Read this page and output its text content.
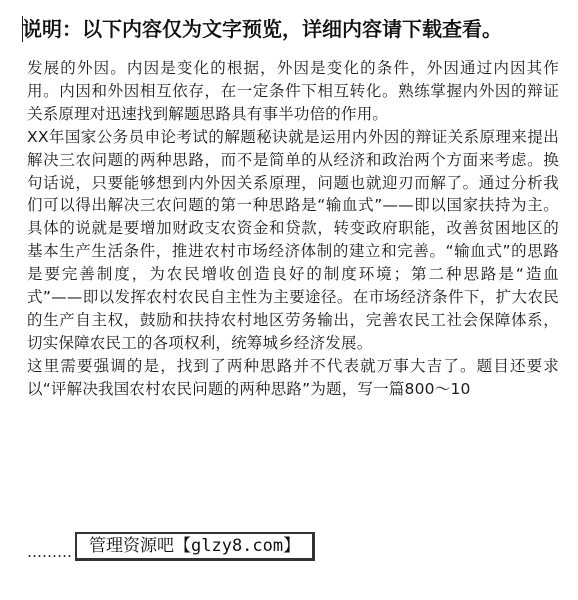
说明：以下内容仅为文字预览，详细内容请下载查看。

发展的外因。内因是变化的根据，外因是变化的条件，外因通过内因其作用。内因和外因相互依存，在一定条件下相互转化。熟练掌握内外因的辩证关系原理对迅速找到解题思路具有事半功倍的作用。

XX年国家公务员申论考试的解题秘诀就是运用内外因的辩证关系原理来提出解决三农问题的两种思路，而不是简单的从经济和政治两个方面来考虑。换句话说，只要能够想到内外因关系原理，问题也就迎刃而解了。通过分析我们可以得出解决三农问题的第一种思路是“输血式”——即以国家扶持为主。具体的说就是要增加财政支农资金和贷款，转变政府职能，改善贫困地区的基本生产生活条件，推进农村市场经济体制的建立和完善。“输血式”的思路是要完善制度，为农民增收创造良好的制度环境；第二种思路是“造血式”——即以发挥农村农民自主性为主要途径。在市场经济条件下，扩大农民的生产自主权，鼓励和扶持农村地区劳务输出，完善农民工社会保障体系，切实保障农民工的各项权利，统筹城乡经济发展。

这里需要强调的是，找到了两种思路并不代表就万事大吉了。题目还要求以“评解决我国农村农民问题的两种思路”为题，写一篇800～10

………	管理资源吧【glzy8.com】
